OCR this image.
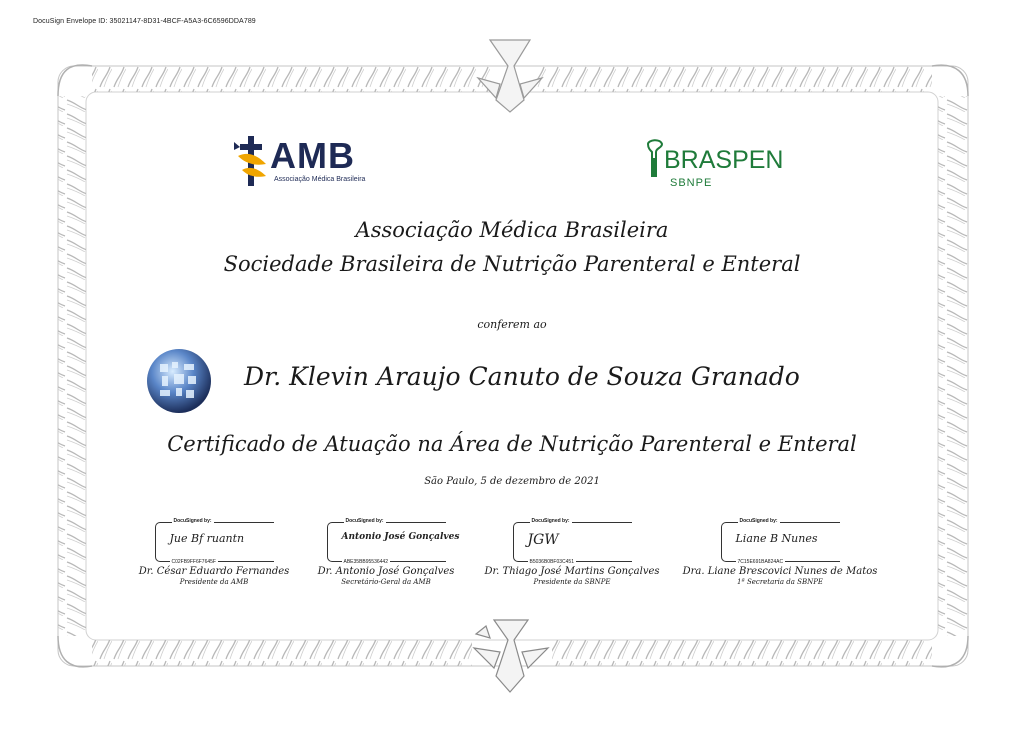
DocuSign Envelope ID: 35021147-8D31-4BCF-A5A3-6C6596DDA789
AMB
Associação Médica Brasileira
BRASPEN
SBNPE
Associação Médica Brasileira
Sociedade Brasileira de Nutrição Parenteral e Enteral
conferem ao
Dr. Klevin Araujo Canuto de Souza Granado
Certificado de Atuação na Área de Nutrição Parenteral e Enteral
São Paulo, 5 de dezembro de 2021
DocuSigned by:
Jue Bf ruantn
C02FB9FF6F7645F
Dr. César Eduardo Fernandes
Presidente da AMB
DocuSigned by:
Antonio José Gonçalves
ABE35BB95536442
Dr. Antonio José Gonçalves
Secretário-Geral da AMB
DocuSigned by:
JGW
B5036B0BF03C451
Dr. Thiago José Martins Gonçalves
Presidente da SBNPE
DocuSigned by:
Liane B Nunes
7C15E691BA824AC
Dra. Liane Brescovici Nunes de Matos
1ª Secretaria da SBNPE
